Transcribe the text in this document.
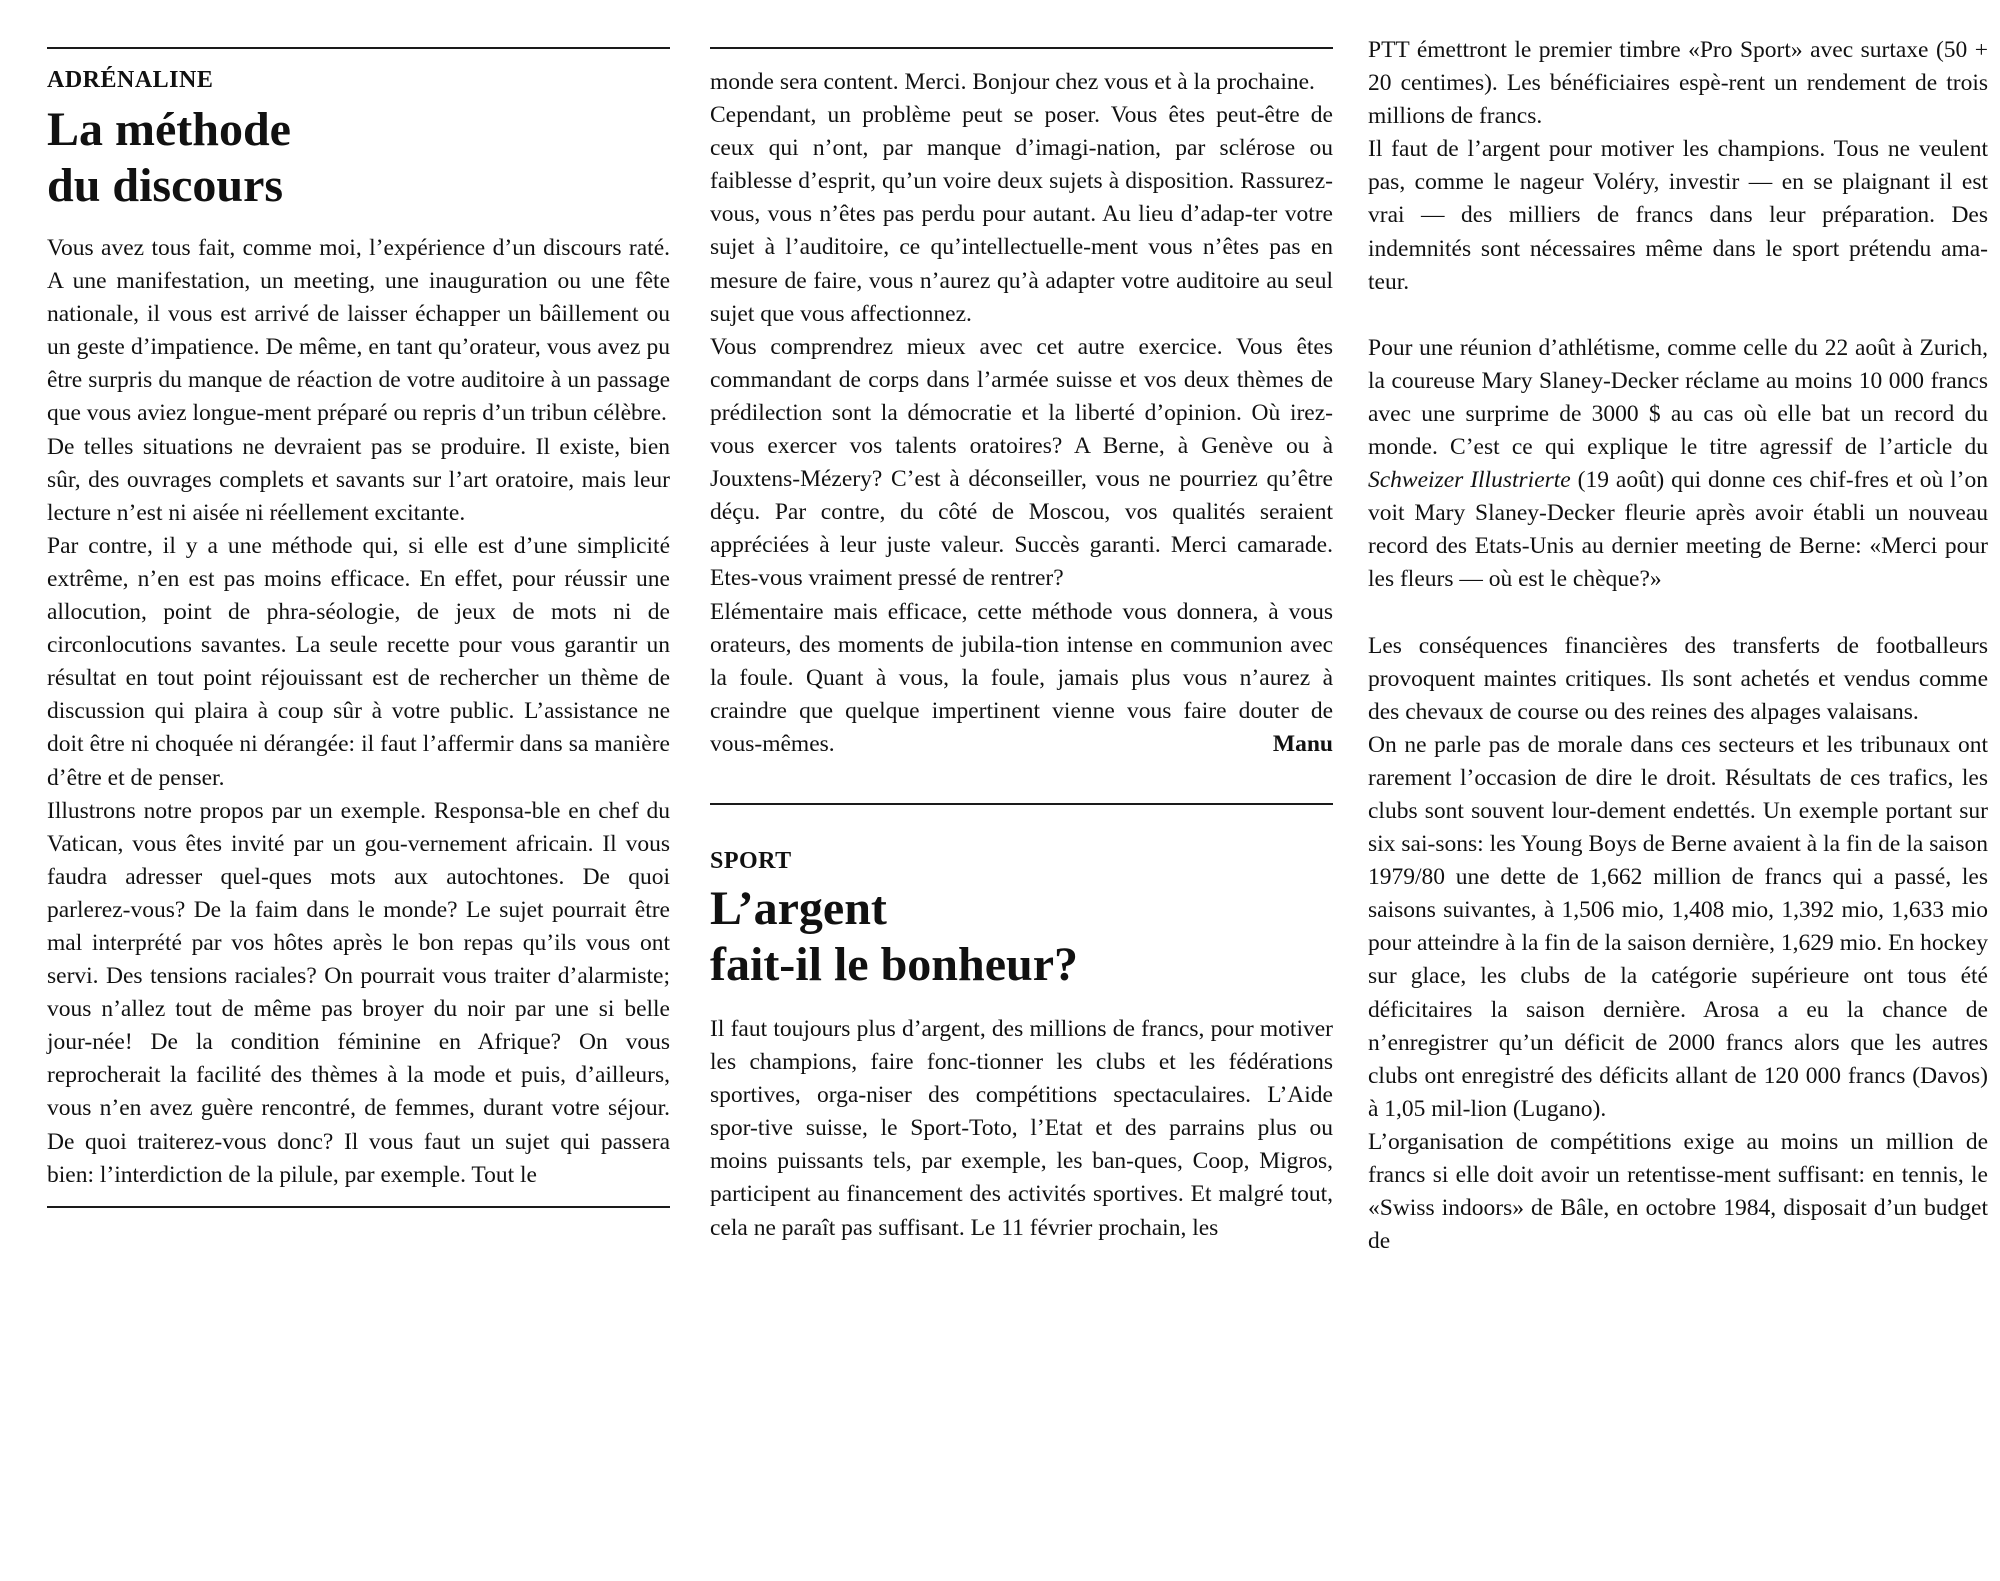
ADRÉNALINE

La méthode
du discours

Vous avez tous fait, comme moi, l’expérience d’un discours raté. A une manifestation, un meeting, une inauguration ou une fête nationale, il vous est arrivé de laisser échapper un bâillement ou un geste d’impatience. De même, en tant qu’orateur, vous avez pu être surpris du manque de réaction de votre auditoire à un passage que vous aviez longue-ment préparé ou repris d’un tribun célèbre.

De telles situations ne devraient pas se produire. Il existe, bien sûr, des ouvrages complets et savants sur l’art oratoire, mais leur lecture n’est ni aisée ni réellement excitante.

Par contre, il y a une méthode qui, si elle est d’une simplicité extrême, n’en est pas moins efficace. En effet, pour réussir une allocution, point de phra-séologie, de jeux de mots ni de circonlocutions savantes. La seule recette pour vous garantir un résultat en tout point réjouissant est de rechercher un thème de discussion qui plaira à coup sûr à votre public. L’assistance ne doit être ni choquée ni dérangée: il faut l’affermir dans sa manière d’être et de penser.

Illustrons notre propos par un exemple. Responsa-ble en chef du Vatican, vous êtes invité par un gou-vernement africain. Il vous faudra adresser quel-ques mots aux autochtones. De quoi parlerez-vous? De la faim dans le monde? Le sujet pourrait être mal interprété par vos hôtes après le bon repas qu’ils vous ont servi. Des tensions raciales? On pourrait vous traiter d’alarmiste; vous n’allez tout de même pas broyer du noir par une si belle jour-née! De la condition féminine en Afrique? On vous reprocherait la facilité des thèmes à la mode et puis, d’ailleurs, vous n’en avez guère rencontré, de femmes, durant votre séjour. De quoi traiterez-vous donc? Il vous faut un sujet qui passera bien: l’interdiction de la pilule, par exemple. Tout le

monde sera content. Merci. Bonjour chez vous et à la prochaine.

Cependant, un problème peut se poser. Vous êtes peut-être de ceux qui n’ont, par manque d’imagi-nation, par sclérose ou faiblesse d’esprit, qu’un voire deux sujets à disposition. Rassurez-vous, vous n’êtes pas perdu pour autant. Au lieu d’adap-ter votre sujet à l’auditoire, ce qu’intellectuelle-ment vous n’êtes pas en mesure de faire, vous n’aurez qu’à adapter votre auditoire au seul sujet que vous affectionnez.

Vous comprendrez mieux avec cet autre exercice. Vous êtes commandant de corps dans l’armée suisse et vos deux thèmes de prédilection sont la démocratie et la liberté d’opinion. Où irez-vous exercer vos talents oratoires? A Berne, à Genève ou à Jouxtens-Mézery? C’est à déconseiller, vous ne pourriez qu’être déçu. Par contre, du côté de Moscou, vos qualités seraient appréciées à leur juste valeur. Succès garanti. Merci camarade. Etes-vous vraiment pressé de rentrer?

Elémentaire mais efficace, cette méthode vous donnera, à vous orateurs, des moments de jubila-tion intense en communion avec la foule. Quant à vous, la foule, jamais plus vous n’aurez à craindre que quelque impertinent vienne vous faire douter de vous-mêmes.	Manu

SPORT

L’argent
fait-il le bonheur?

Il faut toujours plus d’argent, des millions de francs, pour motiver les champions, faire fonc-tionner les clubs et les fédérations sportives, orga-niser des compétitions spectaculaires. L’Aide spor-tive suisse, le Sport-Toto, l’Etat et des parrains plus ou moins puissants tels, par exemple, les ban-ques, Coop, Migros, participent au financement des activités sportives. Et malgré tout, cela ne paraît pas suffisant. Le 11 février prochain, les

PTT émettront le premier timbre «Pro Sport» avec surtaxe (50 + 20 centimes). Les bénéficiaires espè-rent un rendement de trois millions de francs.

Il faut de l’argent pour motiver les champions. Tous ne veulent pas, comme le nageur Voléry, investir — en se plaignant il est vrai — des milliers de francs dans leur préparation. Des indemnités sont nécessaires même dans le sport prétendu ama-teur.

Pour une réunion d’athlétisme, comme celle du 22 août à Zurich, la coureuse Mary Slaney-Decker réclame au moins 10 000 francs avec une surprime de 3000 $ au cas où elle bat un record du monde. C’est ce qui explique le titre agressif de l’article du Schweizer Illustrierte (19 août) qui donne ces chif-fres et où l’on voit Mary Slaney-Decker fleurie après avoir établi un nouveau record des Etats-Unis au dernier meeting de Berne: «Merci pour les fleurs — où est le chèque?»

Les conséquences financières des transferts de footballeurs provoquent maintes critiques. Ils sont achetés et vendus comme des chevaux de course ou des reines des alpages valaisans.

On ne parle pas de morale dans ces secteurs et les tribunaux ont rarement l’occasion de dire le droit. Résultats de ces trafics, les clubs sont souvent lour-dement endettés. Un exemple portant sur six sai-sons: les Young Boys de Berne avaient à la fin de la saison 1979/80 une dette de 1,662 million de francs qui a passé, les saisons suivantes, à 1,506 mio, 1,408 mio, 1,392 mio, 1,633 mio pour atteindre à la fin de la saison dernière, 1,629 mio. En hockey sur glace, les clubs de la catégorie supérieure ont tous été déficitaires la saison dernière. Arosa a eu la chance de n’enregistrer qu’un déficit de 2000 francs alors que les autres clubs ont enregistré des déficits allant de 120 000 francs (Davos) à 1,05 mil-lion (Lugano).

L’organisation de compétitions exige au moins un million de francs si elle doit avoir un retentisse-ment suffisant: en tennis, le «Swiss indoors» de Bâle, en octobre 1984, disposait d’un budget de
